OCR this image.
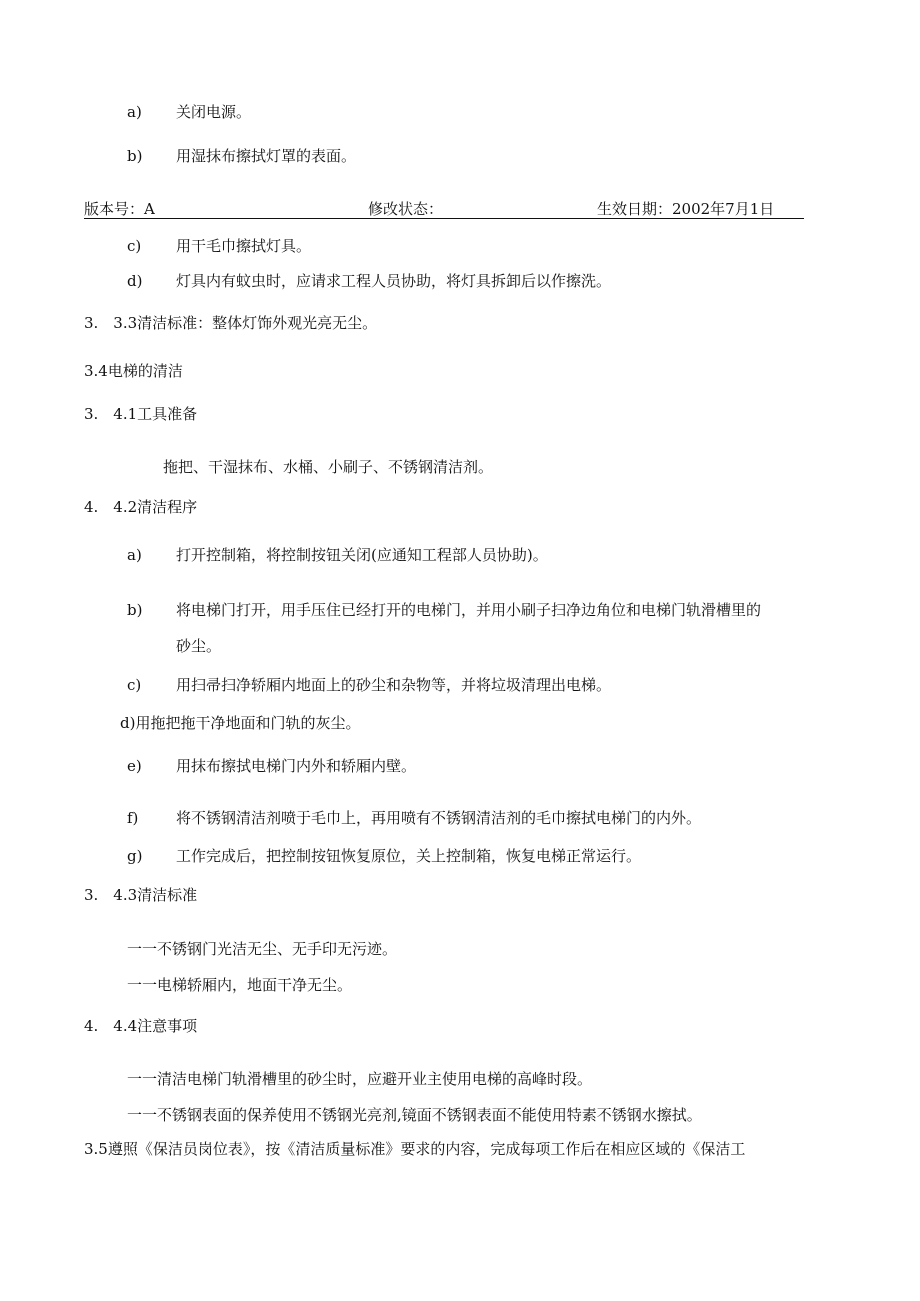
a) 关闭电源。
b) 用湿抹布擦拭灯罩的表面。
版本号：A	修改状态：	生效日期：2002年7月1日
c) 用干毛巾擦拭灯具。
d) 灯具内有蚊虫时，应请求工程人员协助，将灯具拆卸后以作擦洗。
3.　3.3清洁标准：整体灯饰外观光亮无尘。
3.4电梯的清洁
3.　4.1工具准备
拖把、干湿抹布、水桶、小刷子、不锈钢清洁剂。
4.　4.2清洁程序
a) 打开控制箱，将控制按钮关闭(应通知工程部人员协助)。
b) 将电梯门打开，用手压住已经打开的电梯门，并用小刷子扫净边角位和电梯门轨滑槽里的
砂尘。
c) 用扫帚扫净轿厢内地面上的砂尘和杂物等，并将垃圾清理出电梯。
d)用拖把拖干净地面和门轨的灰尘。
e) 用抹布擦拭电梯门内外和轿厢内壁。
f)	将不锈钢清洁剂喷于毛巾上，再用喷有不锈钢清洁剂的毛巾擦拭电梯门的内外。
g) 工作完成后，把控制按钮恢复原位，关上控制箱，恢复电梯正常运行。
3.　4.3清洁标准
一一不锈钢门光洁无尘、无手印无污迹。
一一电梯轿厢内，地面干净无尘。
4.　4.4注意事项
一一清洁电梯门轨滑槽里的砂尘时，应避开业主使用电梯的高峰时段。
一一不锈钢表面的保养使用不锈钢光亮剂,镜面不锈钢表面不能使用特素不锈钢水擦拭。
3.5遵照《保洁员岗位表》，按《清洁质量标准》要求的内容，完成每项工作后在相应区域的《保洁工
